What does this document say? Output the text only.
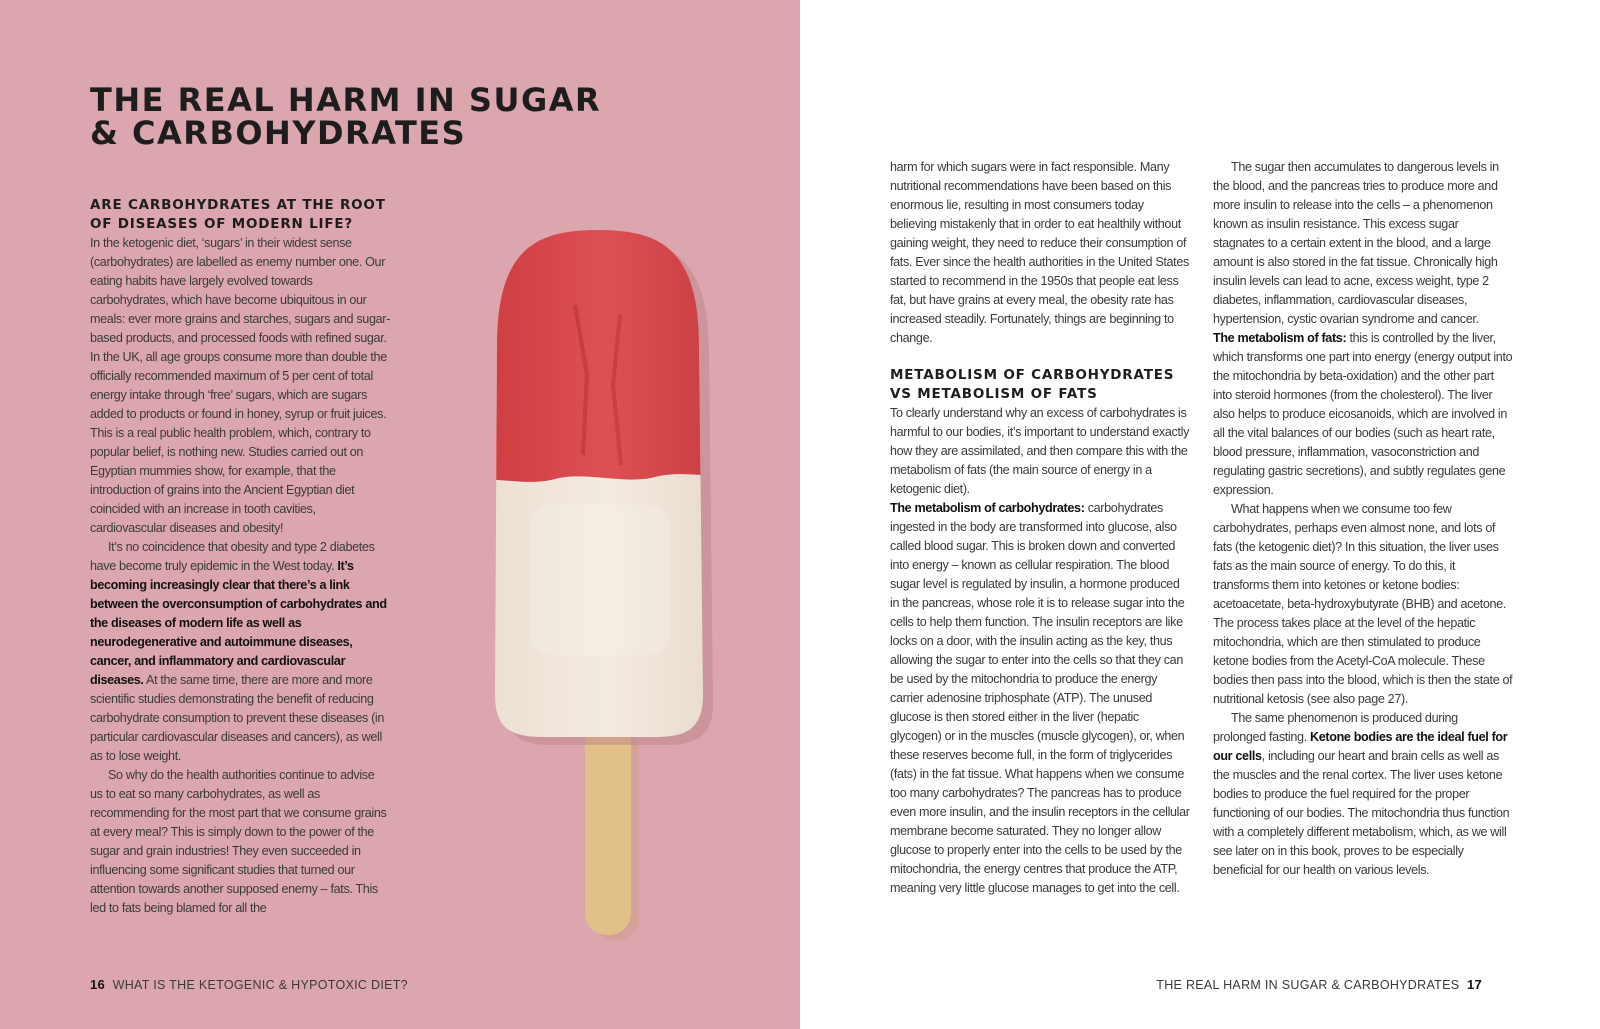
THE REAL HARM IN SUGAR
& CARBOHYDRATES
ARE CARBOHYDRATES AT THE ROOT OF DISEASES OF MODERN LIFE?

In the ketogenic diet, ‘sugars’ in their widest sense (carbohydrates) are labelled as enemy number one. Our eating habits have largely evolved towards carbohydrates, which have become ubiquitous in our meals: ever more grains and starches, sugars and sugar-based products, and processed foods with refined sugar. In the UK, all age groups consume more than double the officially recommended maximum of 5 per cent of total energy intake through ‘free’ sugars, which are sugars added to products or found in honey, syrup or fruit juices. This is a real public health problem, which, contrary to popular belief, is nothing new. Studies carried out on Egyptian mummies show, for example, that the introduction of grains into the Ancient Egyptian diet coincided with an increase in tooth cavities, cardiovascular diseases and obesity!

It’s no coincidence that obesity and type 2 diabetes have become truly epidemic in the West today. It’s becoming increasingly clear that there’s a link between the overconsumption of carbohydrates and the diseases of modern life as well as neurodegenerative and autoimmune diseases, cancer, and inflammatory and cardiovascular diseases. At the same time, there are more and more scientific studies demonstrating the benefit of reducing carbohydrate consumption to prevent these diseases (in particular cardiovascular diseases and cancers), as well as to lose weight.

So why do the health authorities continue to advise us to eat so many carbohydrates, as well as recommending for the most part that we consume grains at every meal? This is simply down to the power of the sugar and grain industries! They even succeeded in influencing some significant studies that turned our attention towards another supposed enemy – fats. This led to fats being blamed for all the

16 WHAT IS THE KETOGENIC & HYPOTOXIC DIET?

harm for which sugars were in fact responsible. Many nutritional recommendations have been based on this enormous lie, resulting in most consumers today believing mistakenly that in order to eat healthily without gaining weight, they need to reduce their consumption of fats. Ever since the health authorities in the United States started to recommend in the 1950s that people eat less fat, but have grains at every meal, the obesity rate has increased steadily. Fortunately, things are beginning to change.

METABOLISM OF CARBOHYDRATES VS METABOLISM OF FATS

To clearly understand why an excess of carbohydrates is harmful to our bodies, it’s important to understand exactly how they are assimilated, and then compare this with the metabolism of fats (the main source of energy in a ketogenic diet).

The metabolism of carbohydrates: carbohydrates ingested in the body are transformed into glucose, also called blood sugar. This is broken down and converted into energy – known as cellular respiration. The blood sugar level is regulated by insulin, a hormone produced in the pancreas, whose role it is to release sugar into the cells to help them function. The insulin receptors are like locks on a door, with the insulin acting as the key, thus allowing the sugar to enter into the cells so that they can be used by the mitochondria to produce the energy carrier adenosine triphosphate (ATP). The unused glucose is then stored either in the liver (hepatic glycogen) or in the muscles (muscle glycogen), or, when these reserves become full, in the form of triglycerides (fats) in the fat tissue. What happens when we consume too many carbohydrates? The pancreas has to produce even more insulin, and the insulin receptors in the cellular membrane become saturated. They no longer allow glucose to properly enter into the cells to be used by the mitochondria, the energy centres that produce the ATP, meaning very little glucose manages to get into the cell.

The sugar then accumulates to dangerous levels in the blood, and the pancreas tries to produce more and more insulin to release into the cells – a phenomenon known as insulin resistance. This excess sugar stagnates to a certain extent in the blood, and a large amount is also stored in the fat tissue. Chronically high insulin levels can lead to acne, excess weight, type 2 diabetes, inflammation, cardiovascular diseases, hypertension, cystic ovarian syndrome and cancer.

The metabolism of fats: this is controlled by the liver, which transforms one part into energy (energy output into the mitochondria by beta-oxidation) and the other part into steroid hormones (from the cholesterol). The liver also helps to produce eicosanoids, which are involved in all the vital balances of our bodies (such as heart rate, blood pressure, inflammation, vasoconstriction and regulating gastric secretions), and subtly regulates gene expression.

What happens when we consume too few carbohydrates, perhaps even almost none, and lots of fats (the ketogenic diet)? In this situation, the liver uses fats as the main source of energy. To do this, it transforms them into ketones or ketone bodies: acetoacetate, beta-hydroxybutyrate (BHB) and acetone. The process takes place at the level of the hepatic mitochondria, which are then stimulated to produce ketone bodies from the Acetyl-CoA molecule. These bodies then pass into the blood, which is then the state of nutritional ketosis (see also page 27).

The same phenomenon is produced during prolonged fasting. Ketone bodies are the ideal fuel for our cells, including our heart and brain cells as well as the muscles and the renal cortex. The liver uses ketone bodies to produce the fuel required for the proper functioning of our bodies. The mitochondria thus function with a completely different metabolism, which, as we will see later on in this book, proves to be especially beneficial for our health on various levels.

THE REAL HARM IN SUGAR & CARBOHYDRATES 17
